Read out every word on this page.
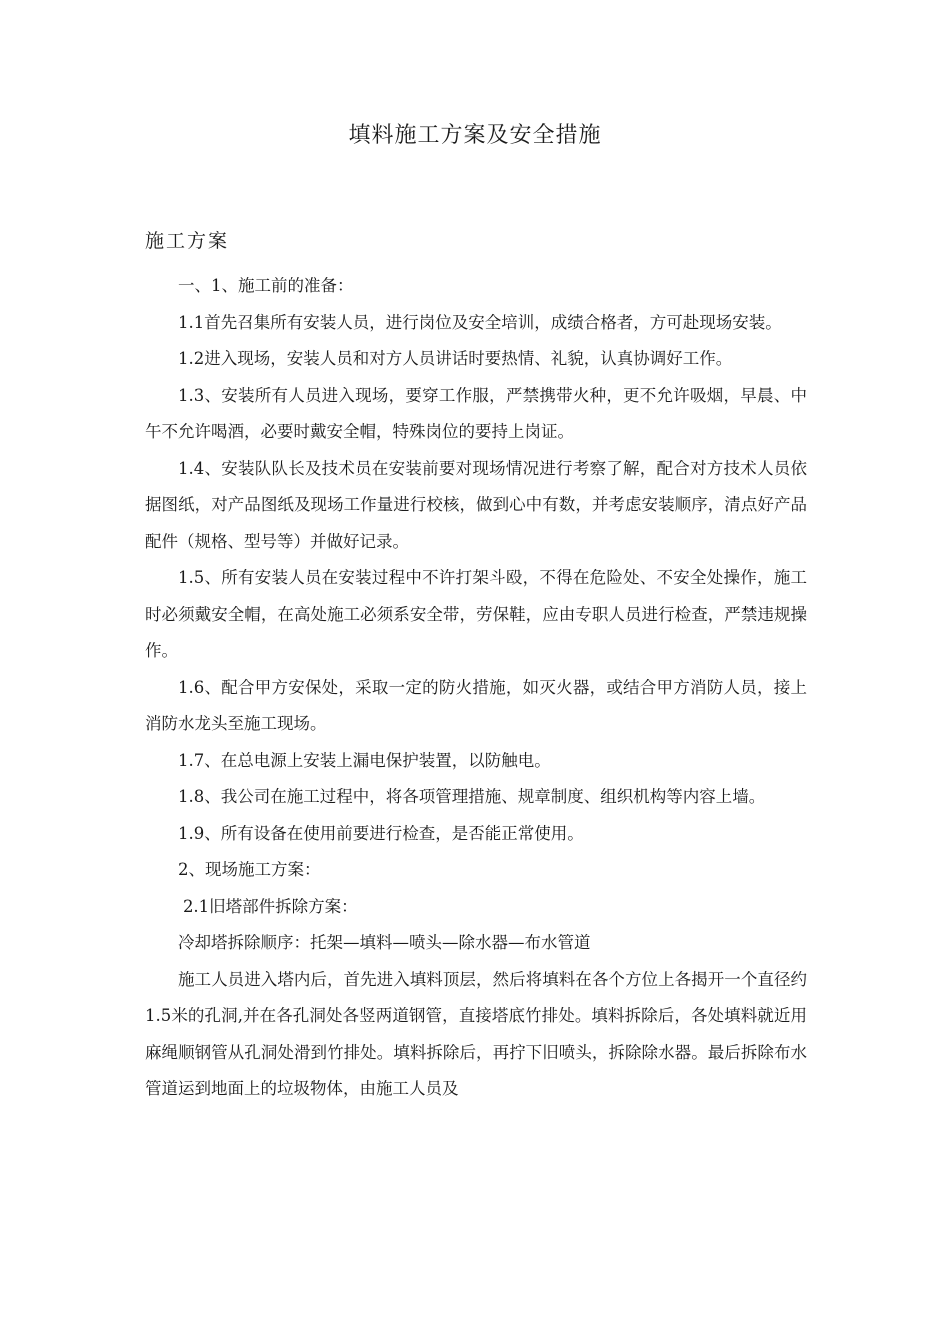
填料施工方案及安全措施
施工方案

一、1、施工前的准备：

1.1首先召集所有安装人员，进行岗位及安全培训，成绩合格者，方可赴现场安装。

1.2进入现场，安装人员和对方人员讲话时要热情、礼貌，认真协调好工作。

1.3、安装所有人员进入现场，要穿工作服，严禁携带火种，更不允许吸烟，早晨、中午不允许喝酒，必要时戴安全帽，特殊岗位的要持上岗证。

1.4、安装队队长及技术员在安装前要对现场情况进行考察了解，配合对方技术人员依据图纸，对产品图纸及现场工作量进行校核，做到心中有数，并考虑安装顺序，清点好产品配件（规格、型号等）并做好记录。

1.5、所有安装人员在安装过程中不许打架斗殴，不得在危险处、不安全处操作，施工时必须戴安全帽，在高处施工必须系安全带，劳保鞋，应由专职人员进行检查，严禁违规操作。

1.6、配合甲方安保处，采取一定的防火措施，如灭火器，或结合甲方消防人员，接上消防水龙头至施工现场。

1.7、在总电源上安装上漏电保护装置，以防触电。

1.8、我公司在施工过程中，将各项管理措施、规章制度、组织机构等内容上墙。

1.9、所有设备在使用前要进行检查，是否能正常使用。

2、现场施工方案：

2.1旧塔部件拆除方案：

冷却塔拆除顺序：托架—填料—喷头—除水器—布水管道

施工人员进入塔内后，首先进入填料顶层，然后将填料在各个方位上各揭开一个直径约1.5米的孔洞,并在各孔洞处各竖两道钢管，直接塔底竹排处。填料拆除后，各处填料就近用麻绳顺钢管从孔洞处滑到竹排处。填料拆除后，再拧下旧喷头，拆除除水器。最后拆除布水管道运到地面上的垃圾物体，由施工人员及
